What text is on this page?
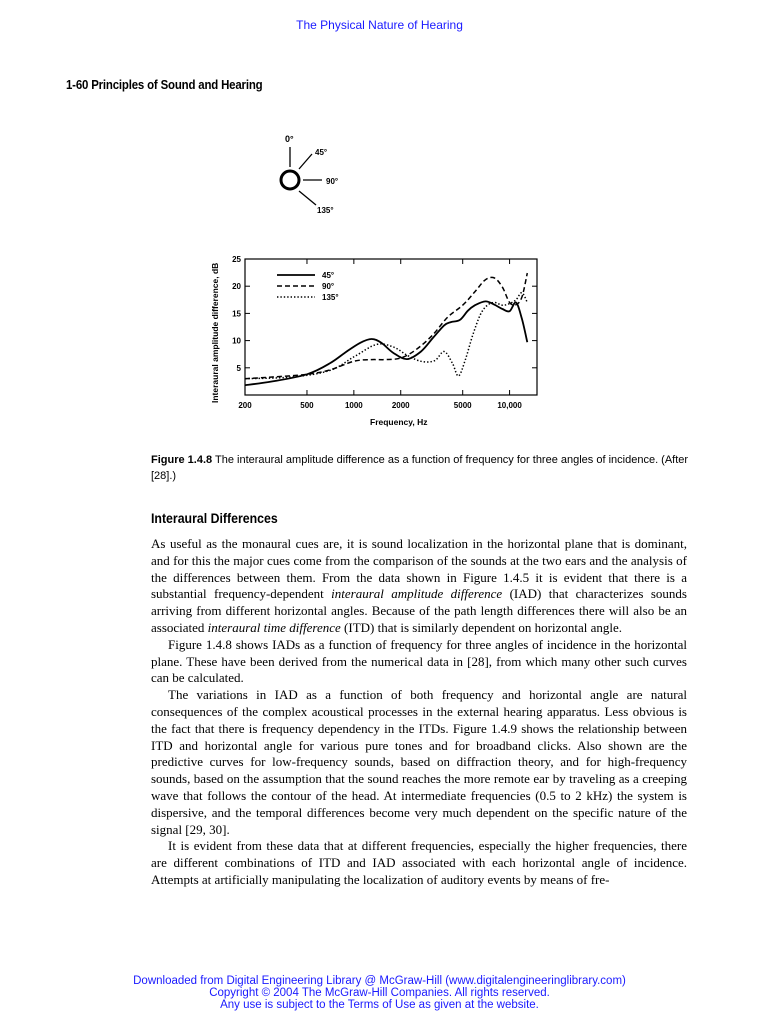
The Physical Nature of Hearing
1-60 Principles of Sound and Hearing
0°
45°
90°
135°
Interaural amplitude difference, dB
Frequency, Hz
200	500	1000	2000	5000	10,000
5
10
15
20
25
45°
90°
135°
Figure 1.4.8 The interaural amplitude difference as a function of frequency for three angles of incidence. (After [28].)
Interaural Differences

As useful as the monaural cues are, it is sound localization in the horizontal plane that is dominant, and for this the major cues come from the comparison of the sounds at the two ears and the analysis of the differences between them. From the data shown in Figure 1.4.5 it is evident that there is a substantial frequency-dependent interaural amplitude difference (IAD) that characterizes sounds arriving from different horizontal angles. Because of the path length differences there will also be an associated interaural time difference (ITD) that is similarly dependent on horizontal angle.

Figure 1.4.8 shows IADs as a function of frequency for three angles of incidence in the horizontal plane. These have been derived from the numerical data in [28], from which many other such curves can be calculated.

The variations in IAD as a function of both frequency and horizontal angle are natural consequences of the complex acoustical processes in the external hearing apparatus. Less obvious is the fact that there is frequency dependency in the ITDs. Figure 1.4.9 shows the relationship between ITD and horizontal angle for various pure tones and for broadband clicks. Also shown are the predictive curves for low-frequency sounds, based on diffraction theory, and for high-frequency sounds, based on the assumption that the sound reaches the more remote ear by traveling as a creeping wave that follows the contour of the head. At intermediate frequencies (0.5 to 2 kHz) the system is dispersive, and the temporal differences become very much dependent on the specific nature of the signal [29, 30].

It is evident from these data that at different frequencies, especially the higher frequencies, there are different combinations of ITD and IAD associated with each horizontal angle of incidence. Attempts at artificially manipulating the localization of auditory events by means of fre-

Downloaded from Digital Engineering Library @ McGraw-Hill (www.digitalengineeringlibrary.com)
Copyright © 2004 The McGraw-Hill Companies. All rights reserved.
Any use is subject to the Terms of Use as given at the website.
